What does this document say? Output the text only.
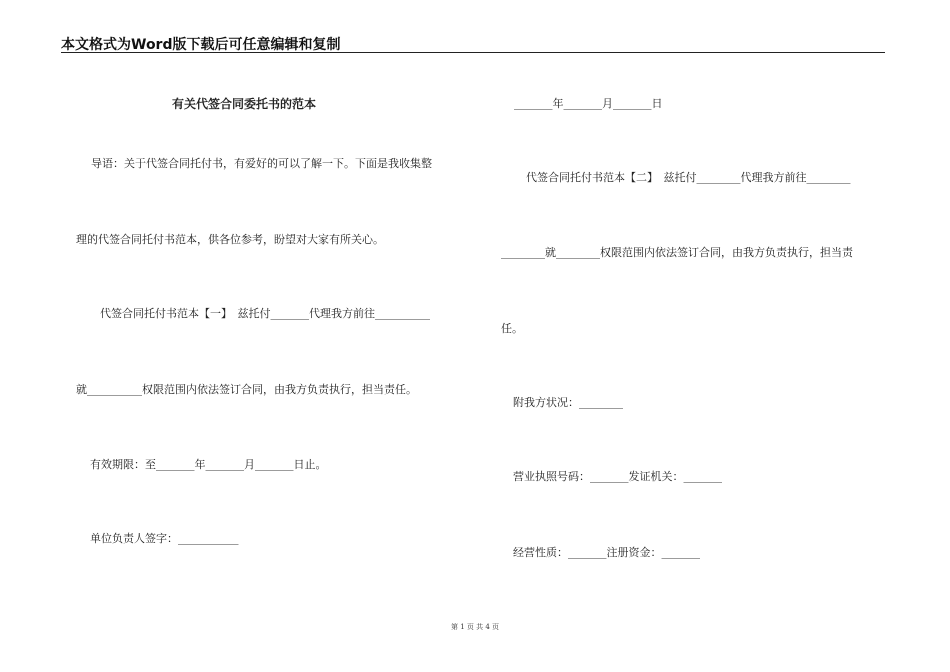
本文格式为Word版下载后可任意编辑和复制
有关代签合同委托书的范本
导语：关于代签合同托付书，有爱好的可以了解一下。下面是我收集整
理的代签合同托付书范本，供各位参考，盼望对大家有所关心。
代签合同托付书范本【一】　兹托付_______代理我方前往__________
就__________权限范围内依法签订合同，由我方负责执行，担当责任。
有效期限：至_______年_______月_______日止。
单位负责人签字：___________
_______年_______月_______日
代签合同托付书范本【二】　兹托付________代理我方前往________
________就________权限范围内依法签订合同，由我方负责执行，担当责
任。
附我方状况：________
营业执照号码：_______发证机关：_______
经营性质：_______注册资金：_______
第 1 页 共 4 页
